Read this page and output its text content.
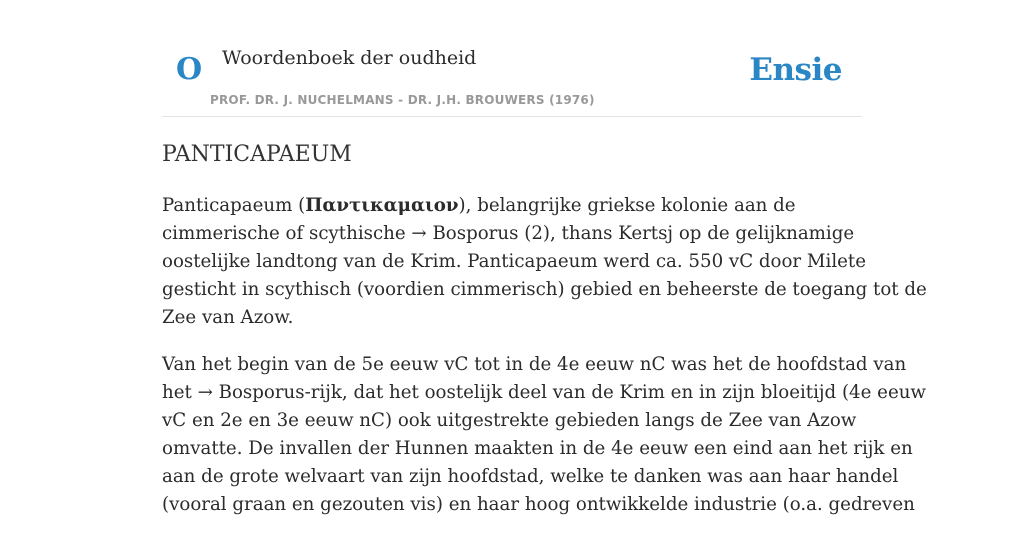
O Woordenboek der oudheid
PROF. DR. J. NUCHELMANS - DR. J.H. BROUWERS (1976)
Ensie
PANTICAPAEUM

Panticapaeum (Παντικαμαιον), belangrijke griekse kolonie aan de
cimmerische of scythische → Bosporus (2), thans Kertsj op de gelijknamige
oostelijke landtong van de Krim. Panticapaeum werd ca. 550 vC door Milete
gesticht in scythisch (voordien cimmerisch) gebied en beheerste de toegang tot de
Zee van Azow.

Van het begin van de 5e eeuw vC tot in de 4e eeuw nC was het de hoofdstad van
het → Bosporus-rijk, dat het oostelijk deel van de Krim en in zijn bloeitijd (4e eeuw
vC en 2e en 3e eeuw nC) ook uitgestrekte gebieden langs de Zee van Azow
omvatte. De invallen der Hunnen maakten in de 4e eeuw een eind aan het rijk en
aan de grote welvaart van zijn hoofdstad, welke te danken was aan haar handel
(vooral graan en gezouten vis) en haar hoog ontwikkelde industrie (o.a. gedreven
